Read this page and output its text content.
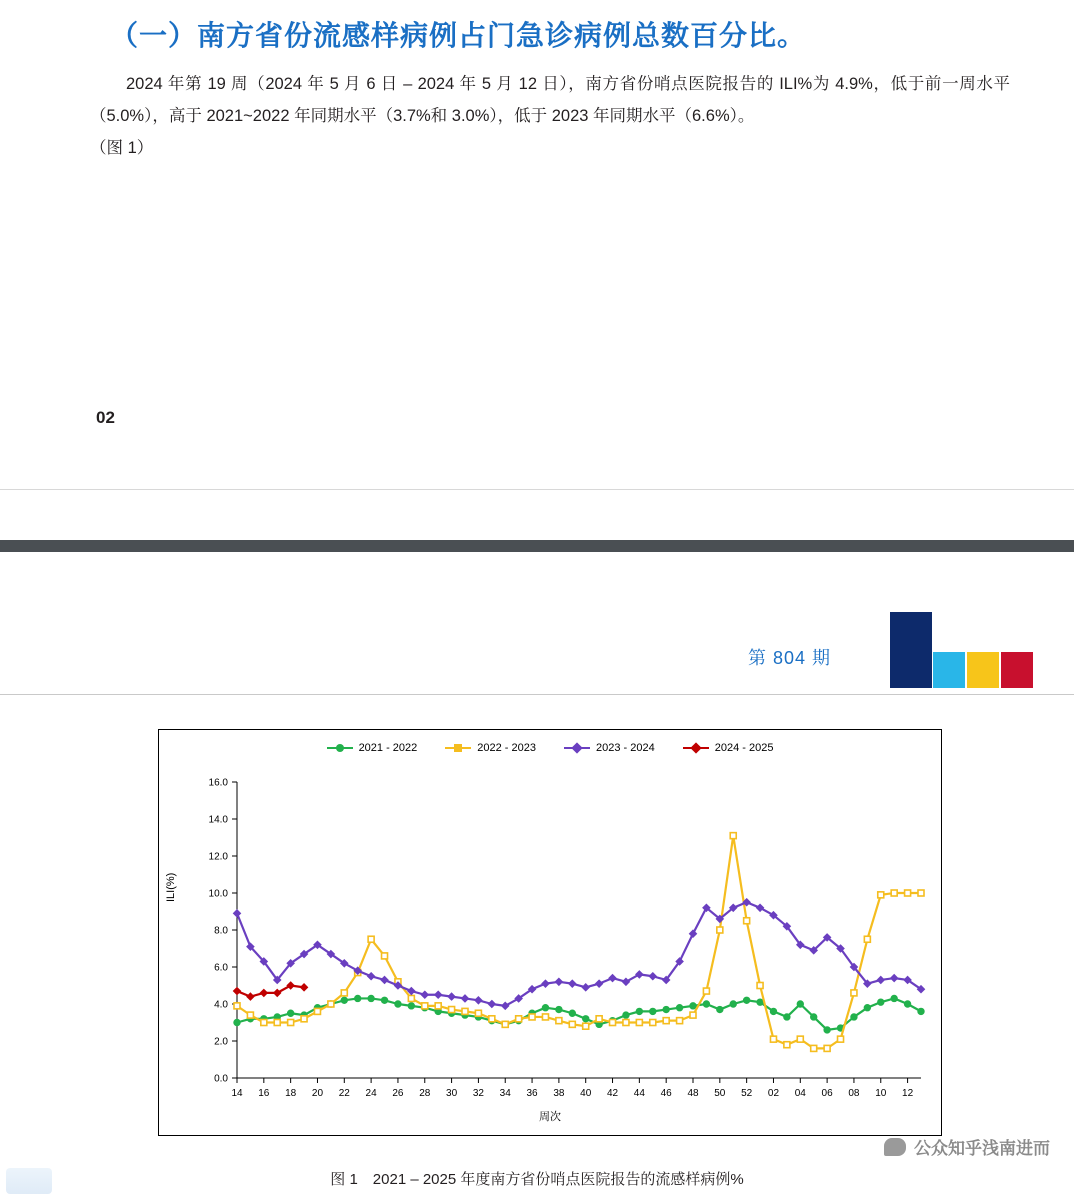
（一）南方省份流感样病例占门急诊病例总数百分比。

2024 年第 19 周（2024 年 5 月 6 日 – 2024 年 5 月 12 日），南方省份哨点医院报告的 ILI%为 4.9%，低于前一周水平（5.0%），高于 2021~2022 年同期水平（3.7%和 3.0%），低于 2023 年同期水平（6.6%）。

（图 1）

02
第 804 期
2021 - 2022	2022 - 2023	2023 - 2024	2024 - 2025
0.0
2.0
4.0
6.0
8.0
10.0
12.0
14.0
16.0
14 16 18 20 22 24 26 28 30 32 34 36 38 40 42 44 46 48 50 52 02 04 06 08 10 12
ILI(%)
周次
公众知乎浅南进而
图 1　2021 – 2025 年度南方省份哨点医院报告的流感样病例%
